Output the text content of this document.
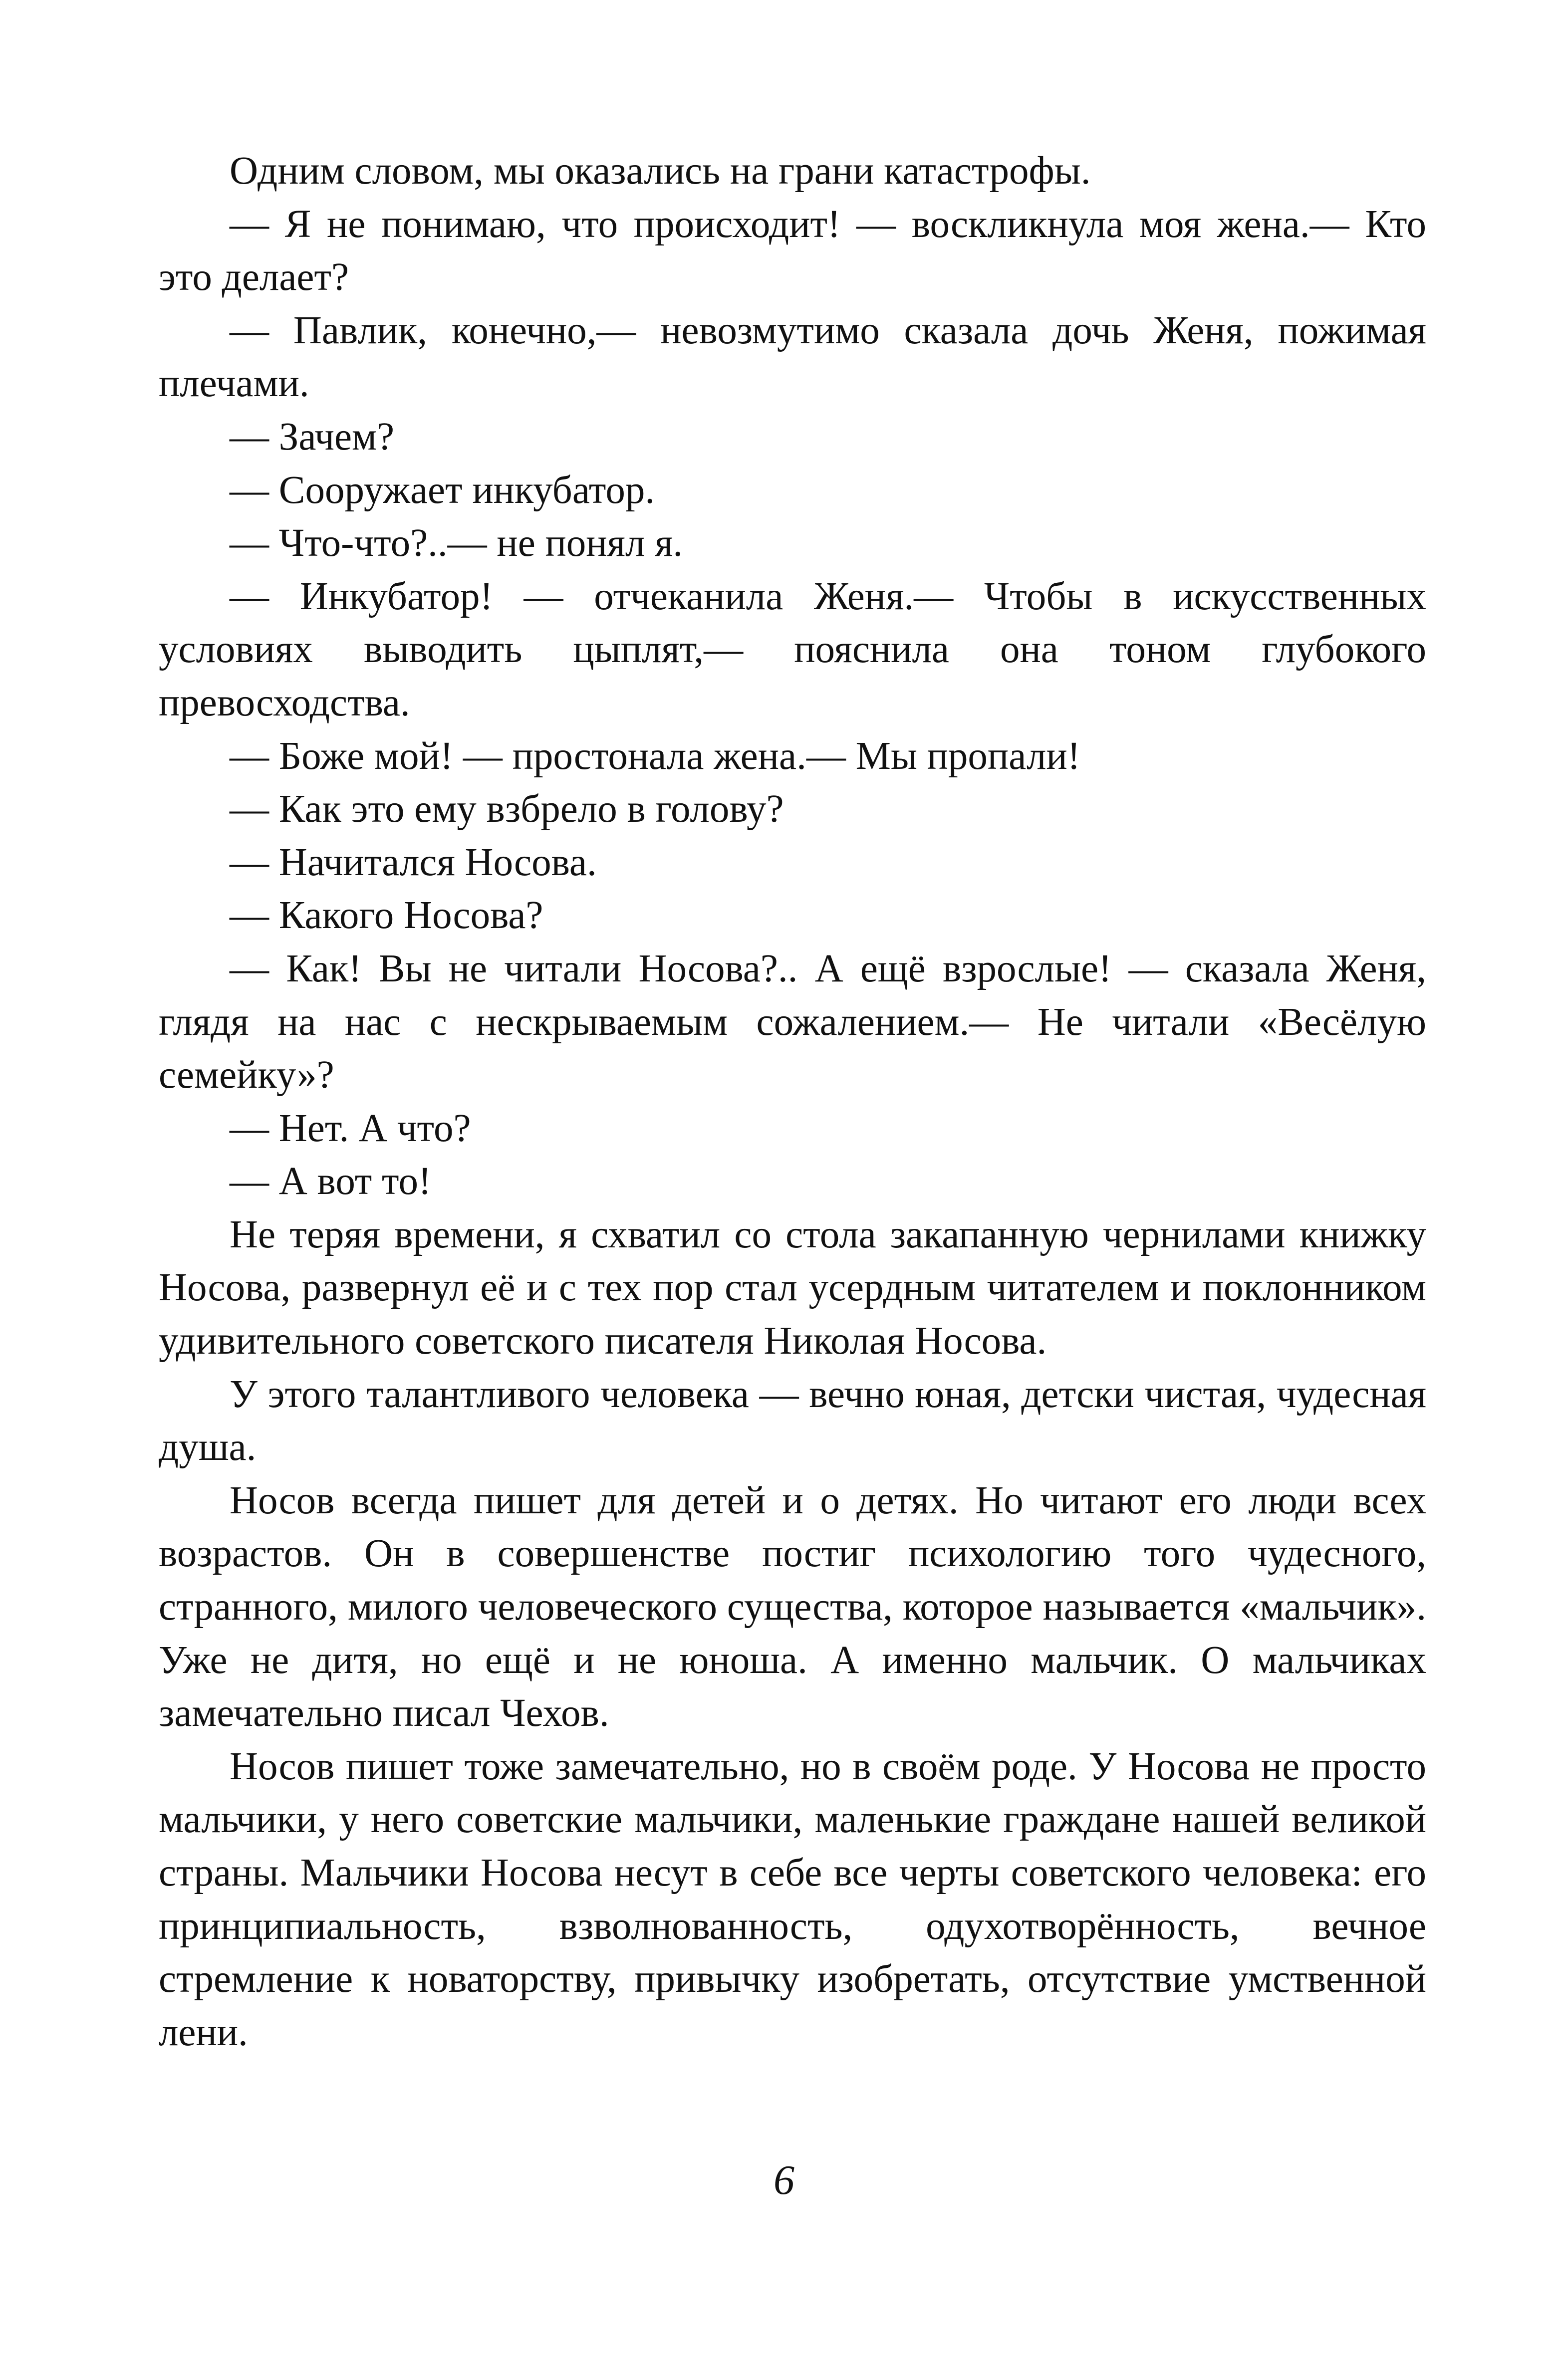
Одним словом, мы оказались на грани катастрофы.

— Я не понимаю, что происходит! — воскликнула моя жена.— Кто это делает?

— Павлик, конечно,— невозмутимо сказала дочь Женя, пожимая плечами.

— Зачем?

— Сооружает инкубатор.

— Что-что?..— не понял я.

— Инкубатор! — отчеканила Женя.— Чтобы в искусственных условиях выводить цыплят,— пояснила она тоном глубокого превосходства.

— Боже мой! — простонала жена.— Мы пропали!

— Как это ему взбрело в голову?

— Начитался Носова.

— Какого Носова?

— Как! Вы не читали Носова?.. А ещё взрослые! — сказала Женя, глядя на нас с нескрываемым сожалением.— Не читали «Весёлую семейку»?

— Нет. А что?

— А вот то!

Не теряя времени, я схватил со стола закапанную чернилами книжку Носова, развернул её и с тех пор стал усердным читателем и поклонником удивительного советского писателя Николая Носова.

У этого талантливого человека — вечно юная, детски чистая, чудесная душа.

Носов всегда пишет для детей и о детях. Но читают его люди всех возрастов. Он в совершенстве постиг психологию того чудесного, странного, милого человеческого существа, которое называется «мальчик». Уже не дитя, но ещё и не юноша. А именно мальчик. О мальчиках замечательно писал Чехов.

Носов пишет тоже замечательно, но в своём роде. У Носова не просто мальчики, у него советские мальчики, маленькие граждане нашей великой страны. Мальчики Носова несут в себе все черты советского человека: его принципиальность, взволнованность, одухотворённость, вечное стремление к новаторству, привычку изобретать, отсутствие умственной лени.

6
